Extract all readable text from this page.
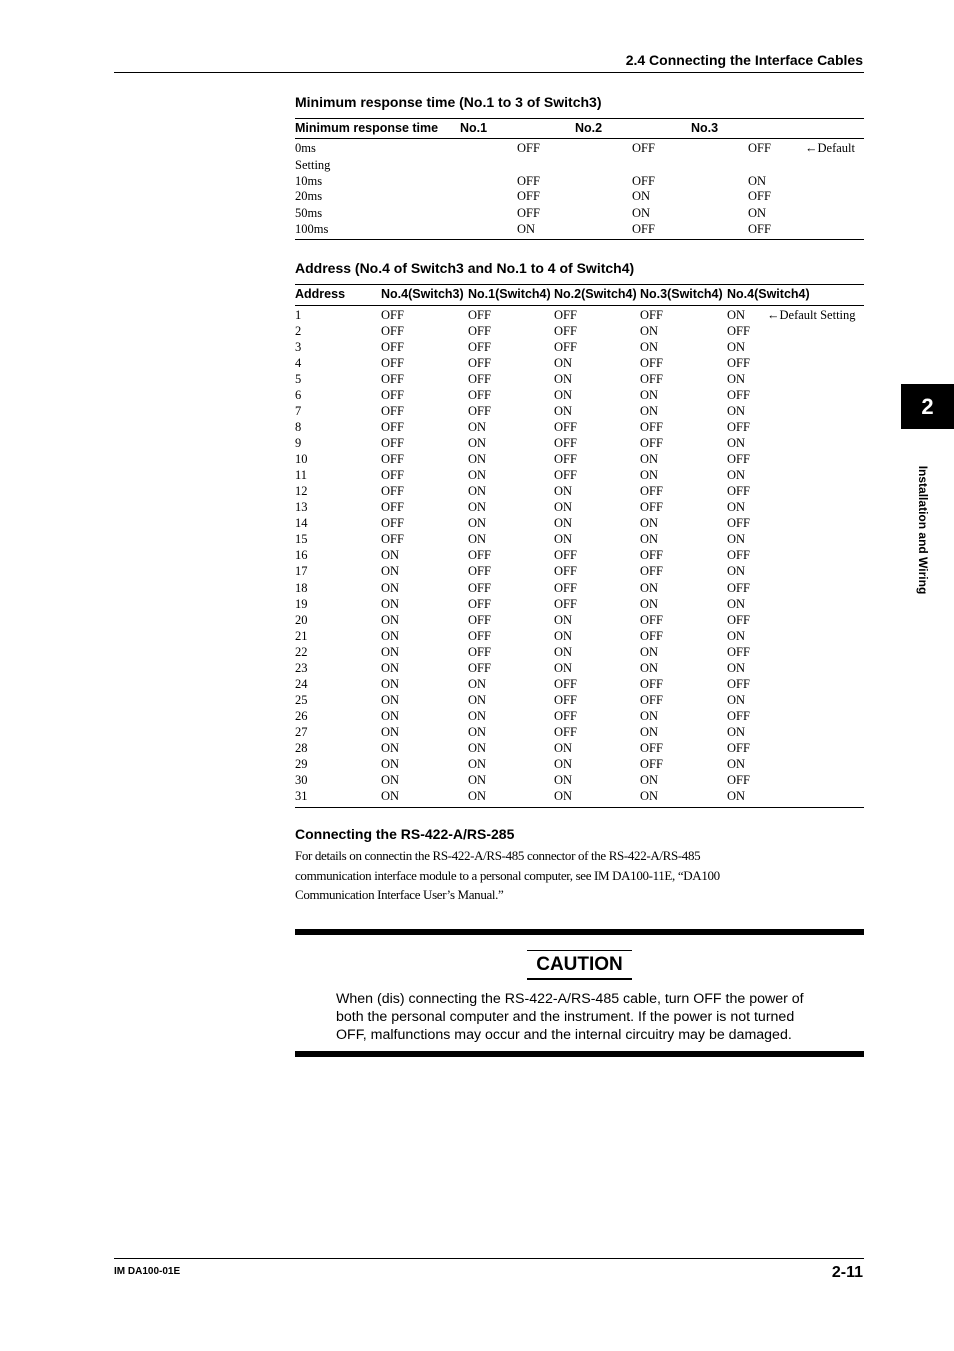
2.4 Connecting the Interface Cables
2
Installation and Wiring
Minimum response time (No.1 to 3 of Switch3)
Minimum response time No.1	No.2	No.3
0ms	OFF	OFF	OFF	←Default
Setting
10ms	OFF	OFF	ON
20ms	OFF	ON	OFF
50ms	OFF	ON	ON
100ms	ON	OFF	OFF
Address (No.4 of Switch3 and No.1 to 4 of Switch4)
Address	No.4(Switch3) No.1(Switch4) No.2(Switch4) No.3(Switch4) No.4(Switch4)
1	OFF	OFF	OFF	OFF	ON ←Default Setting
2	OFF	OFF	OFF	ON	OFF
3	OFF	OFF	OFF	ON	ON
4	OFF	OFF	ON	OFF	OFF
5	OFF	OFF	ON	OFF	ON
6	OFF	OFF	ON	ON	OFF
7	OFF	OFF	ON	ON	ON
8	OFF	ON	OFF	OFF	OFF
9	OFF	ON	OFF	OFF	ON
10	OFF	ON	OFF	ON	OFF
11	OFF	ON	OFF	ON	ON
12	OFF	ON	ON	OFF	OFF
13	OFF	ON	ON	OFF	ON
14	OFF	ON	ON	ON	OFF
15	OFF	ON	ON	ON	ON
16	ON	OFF	OFF	OFF	OFF
17	ON	OFF	OFF	OFF	ON
18	ON	OFF	OFF	ON	OFF
19	ON	OFF	OFF	ON	ON
20	ON	OFF	ON	OFF	OFF
21	ON	OFF	ON	OFF	ON
22	ON	OFF	ON	ON	OFF
23	ON	OFF	ON	ON	ON
24	ON	ON	OFF	OFF	OFF
25	ON	ON	OFF	OFF	ON
26	ON	ON	OFF	ON	OFF
27	ON	ON	OFF	ON	ON
28	ON	ON	ON	OFF	OFF
29	ON	ON	ON	OFF	ON
30	ON	ON	ON	ON	OFF
31	ON	ON	ON	ON	ON
Connecting the RS-422-A/RS-285
For details on connectin the RS-422-A/RS-485 connector of the RS-422-A/RS-485
communication interface module to a personal computer, see IM DA100-11E, “DA100
Communication Interface User’s Manual.”
CAUTION
When (dis) connecting the RS-422-A/RS-485 cable, turn OFF the power of
both the personal computer and the instrument. If the power is not turned
OFF, malfunctions may occur and the internal circuitry may be damaged.
IM DA100-01E	2-11
